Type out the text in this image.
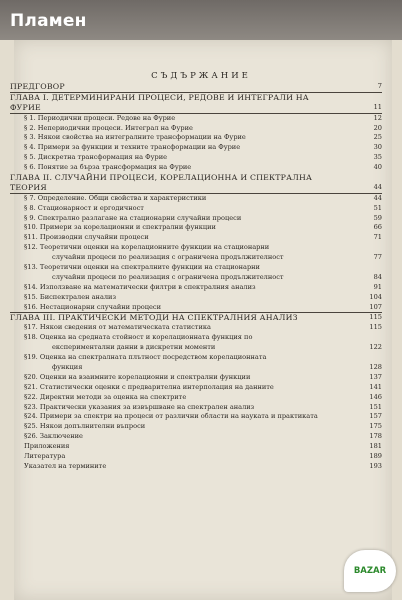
Пламен
СЪДЪРЖАНИЕ
ПРЕДГОВОР	7
ГЛАВА I. ДЕТЕРМИНИРАНИ ПРОЦЕСИ, РЕДОВЕ И ИНТЕГРАЛИ НА
ФУРИЕ	11
§ 1. Периодични процеси. Редове на Фурие	12
§ 2. Непериодични процеси. Интеграл на Фурие	20
§ 3. Някои свойства на интегралните трансформации на Фурие	25
§ 4. Примери за функции и техните трансформации на Фурие	30
§ 5. Дискретна трансформация на Фурие	35
§ 6. Понятие за бърза трансформация на Фурие	40
ГЛАВА II. СЛУЧАЙНИ ПРОЦЕСИ, КОРЕЛАЦИОННА И СПЕКТРАЛНА
ТЕОРИЯ	44
§ 7. Определение. Общи свойства и характеристики	44
§ 8. Стационарност и ергодичност	51
§ 9. Спектрално разлагане на стационарни случайни процеси	59
§10. Примери за корелационни и спектрални функции	66
§11. Производни случайни процеси	71
§12. Теоретични оценки на корелационните функции на стационарни
случайни процеси по реализация с ограничена продължителност	77
§13. Теоретични оценки на спектралните функции на стационарни
случайни процеси по реализация с ограничена продължителност	84
§14. Използване на математически филтри в спектралния анализ	91
§15. Биспектрален анализ	104
§16. Нестационарни случайни процеси	107
ГЛАВА III. ПРАКТИЧЕСКИ МЕТОДИ НА СПЕКТРАЛНИЯ АНАЛИЗ	115
§17. Някои сведения от математическата статистика	115
§18. Оценка на средната стойност и корелационната функция по
експериментални данни в дискретни моменти	122
§19. Оценка на спектралната плътност посредством корелационната
функция	128
§20. Оценки на взаимните корелационни и спектрални функции	137
§21. Статистически оценки с предварителна интерполация на данните	141
§22. Директни методи за оценка на спектрите	146
§23. Практически указания за извършване на спектрален анализ	151
§24. Примери за спектри на процеси от различни области на науката и практиката	157
§25. Някои допълнителни въпроси	175
§26. Заключение	178
Приложения	181
Литература	189
Указател на термините	193
BAZAR
